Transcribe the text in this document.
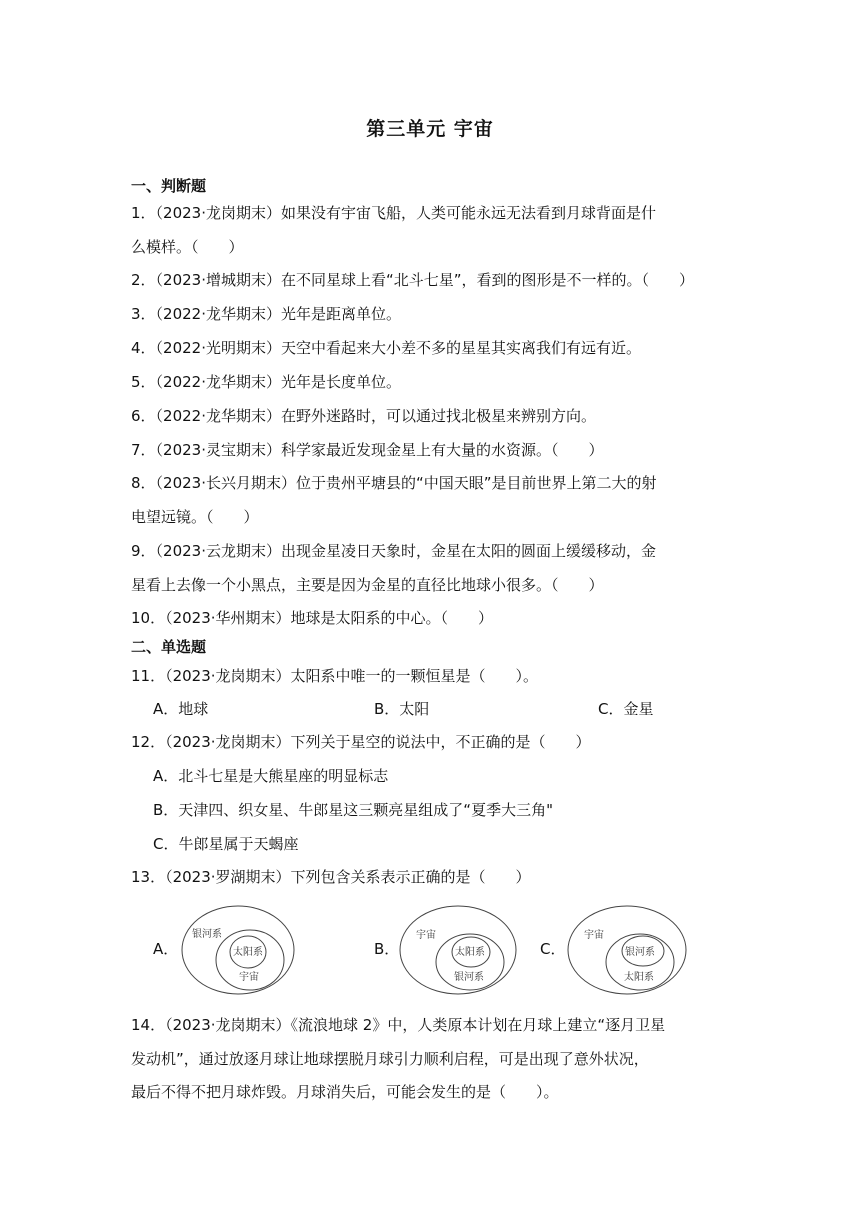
第三单元 宇宙
一、判断题
1．（2023·龙岗期末）如果没有宇宙飞船，人类可能永远无法看到月球背面是什
么模样。（　　）
2．（2023·增城期末）在不同星球上看“北斗七星”，看到的图形是不一样的。（　　）
3．（2022·龙华期末）光年是距离单位。
4．（2022·光明期末）天空中看起来大小差不多的星星其实离我们有远有近。
5．（2022·龙华期末）光年是长度单位。
6．（2022·龙华期末）在野外迷路时，可以通过找北极星来辨别方向。
7．（2023·灵宝期末）科学家最近发现金星上有大量的水资源。（　　）
8．（2023·长兴月期末）位于贵州平塘县的“中国天眼”是目前世界上第二大的射
电望远镜。（　　）
9．（2023·云龙期末）出现金星凌日天象时，金星在太阳的圆面上缓缓移动，金
星看上去像一个小黑点，主要是因为金星的直径比地球小很多。（　　）
10．（2023·华州期末）地球是太阳系的中心。（　　）
二、单选题
11．（2023·龙岗期末）太阳系中唯一的一颗恒星是（　　）。
A．地球	B．太阳	C．金星
12．（2023·龙岗期末）下列关于星空的说法中，不正确的是（　　）
A．北斗七星是大熊星座的明显标志
B．天津四、织女星、牛郎星这三颗亮星组成了“夏季大三角"
C．牛郎星属于天蝎座
13．（2023·罗湖期末）下列包含关系表示正确的是（　　）
A．
银河系
宇宙
太阳系	B．
宇宙
银河系
太阳系	C．
宇宙
太阳系
银河系
14．（2023·龙岗期末）《流浪地球 2》中，人类原本计划在月球上建立“逐月卫星
发动机”，通过放逐月球让地球摆脱月球引力顺利启程，可是出现了意外状况，
最后不得不把月球炸毁。月球消失后，可能会发生的是（　　）。
